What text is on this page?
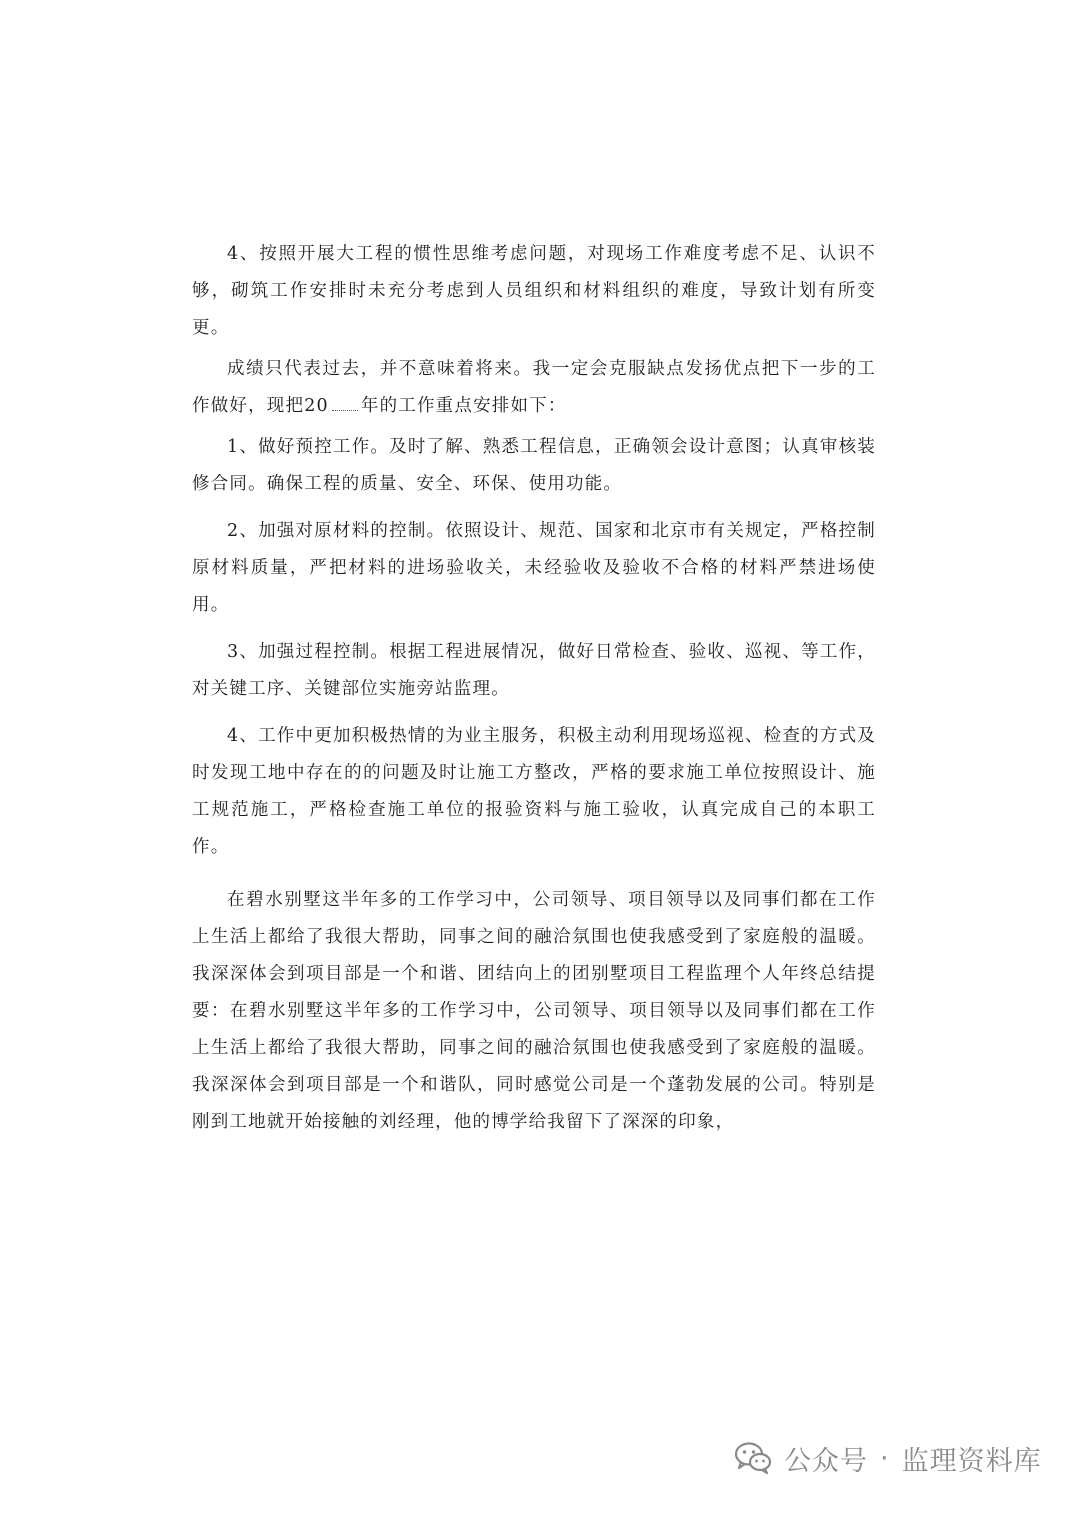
4、按照开展大工程的惯性思维考虑问题，对现场工作难度考虑不足、认识不够，砌筑工作安排时未充分考虑到人员组织和材料组织的难度，导致计划有所变更。

成绩只代表过去，并不意味着将来。我一定会克服缺点发扬优点把下一步的工作做好，现把20 年的工作重点安排如下：

1、做好预控工作。及时了解、熟悉工程信息，正确领会设计意图；认真审核装修合同。确保工程的质量、安全、环保、使用功能。

2、加强对原材料的控制。依照设计、规范、国家和北京市有关规定，严格控制原材料质量，严把材料的进场验收关，未经验收及验收不合格的材料严禁进场使用。

3、加强过程控制。根据工程进展情况，做好日常检查、验收、巡视、等工作，对关键工序、关键部位实施旁站监理。

4、工作中更加积极热情的为业主服务，积极主动利用现场巡视、检查的方式及时发现工地中存在的的问题及时让施工方整改，严格的要求施工单位按照设计、施工规范施工，严格检查施工单位的报验资料与施工验收，认真完成自己的本职工作。

在碧水别墅这半年多的工作学习中，公司领导、项目领导以及同事们都在工作上生活上都给了我很大帮助，同事之间的融洽氛围也使我感受到了家庭般的温暖。我深深体会到项目部是一个和谐、团结向上的团别墅项目工程监理个人年终总结提要：在碧水别墅这半年多的工作学习中，公司领导、项目领导以及同事们都在工作上生活上都给了我很大帮助，同事之间的融洽氛围也使我感受到了家庭般的温暖。我深深体会到项目部是一个和谐队，同时感觉公司是一个蓬勃发展的公司。特别是刚到工地就开始接触的刘经理，他的博学给我留下了深深的印象，

公众号 · 监理资料库
